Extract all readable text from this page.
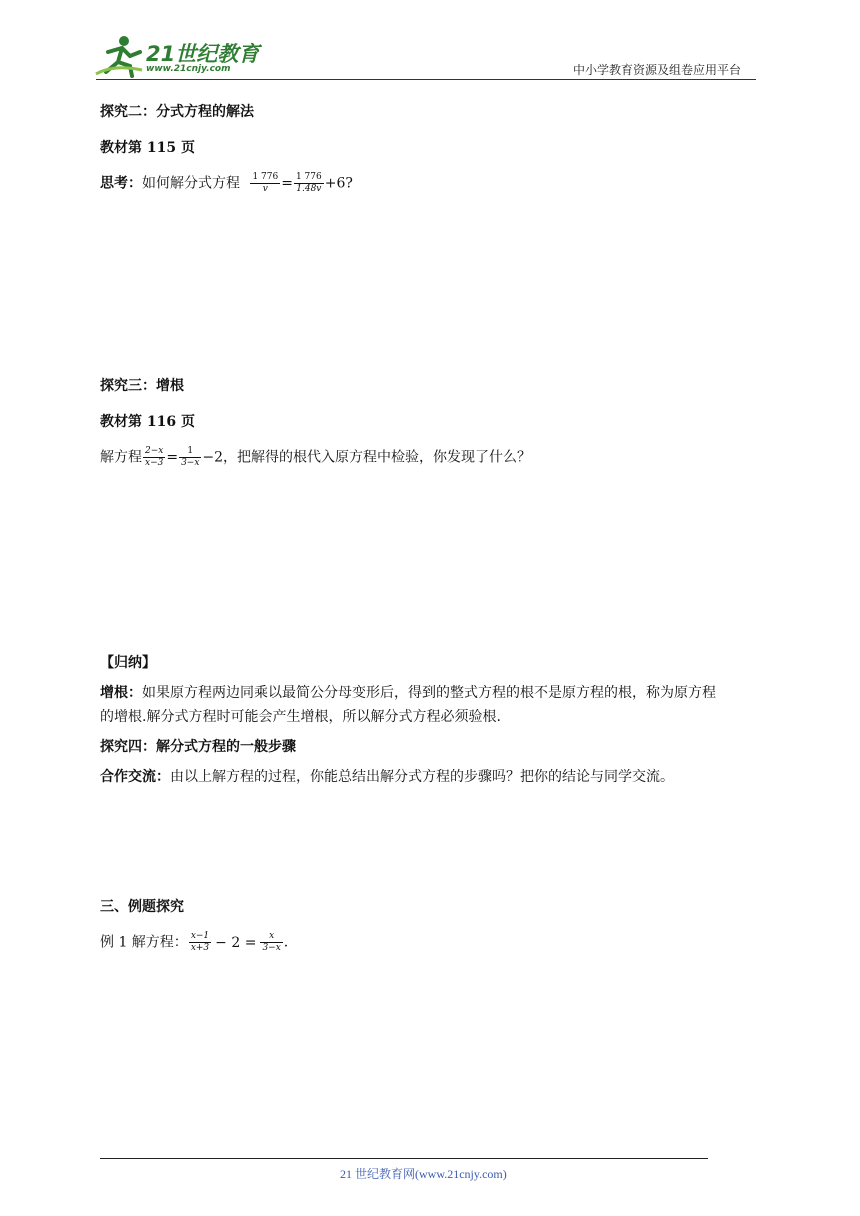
21世纪教育
www.21cnjy.com	中小学教育资源及组卷应用平台
探究二：分式方程的解法
教材第 115 页
思考：如何解分式方程 $\frac{1 776}{v} = \frac{1 776}{1.48v} +6$?
探究三：增根
教材第 116 页
解方程 $\frac{2-x}{x-3} = \frac{1}{3-x} -2$，把解得的根代入原方程中检验，你发现了什么？
【归纳】
增根：如果原方程两边同乘以最简公分母变形后，得到的整式方程的根不是原方程的根，称为原方程
的增根.解分式方程时可能会产生增根，所以解分式方程必须验根.
探究四：解分式方程的一般步骤
合作交流：由以上解方程的过程，你能总结出解分式方程的步骤吗？把你的结论与同学交流。
三、例题探究
例 1 解方程： $\frac{x-1}{x+3} - 2 = \frac{x}{3-x}$ .
21 世纪教育网(www.21cnjy.com)
